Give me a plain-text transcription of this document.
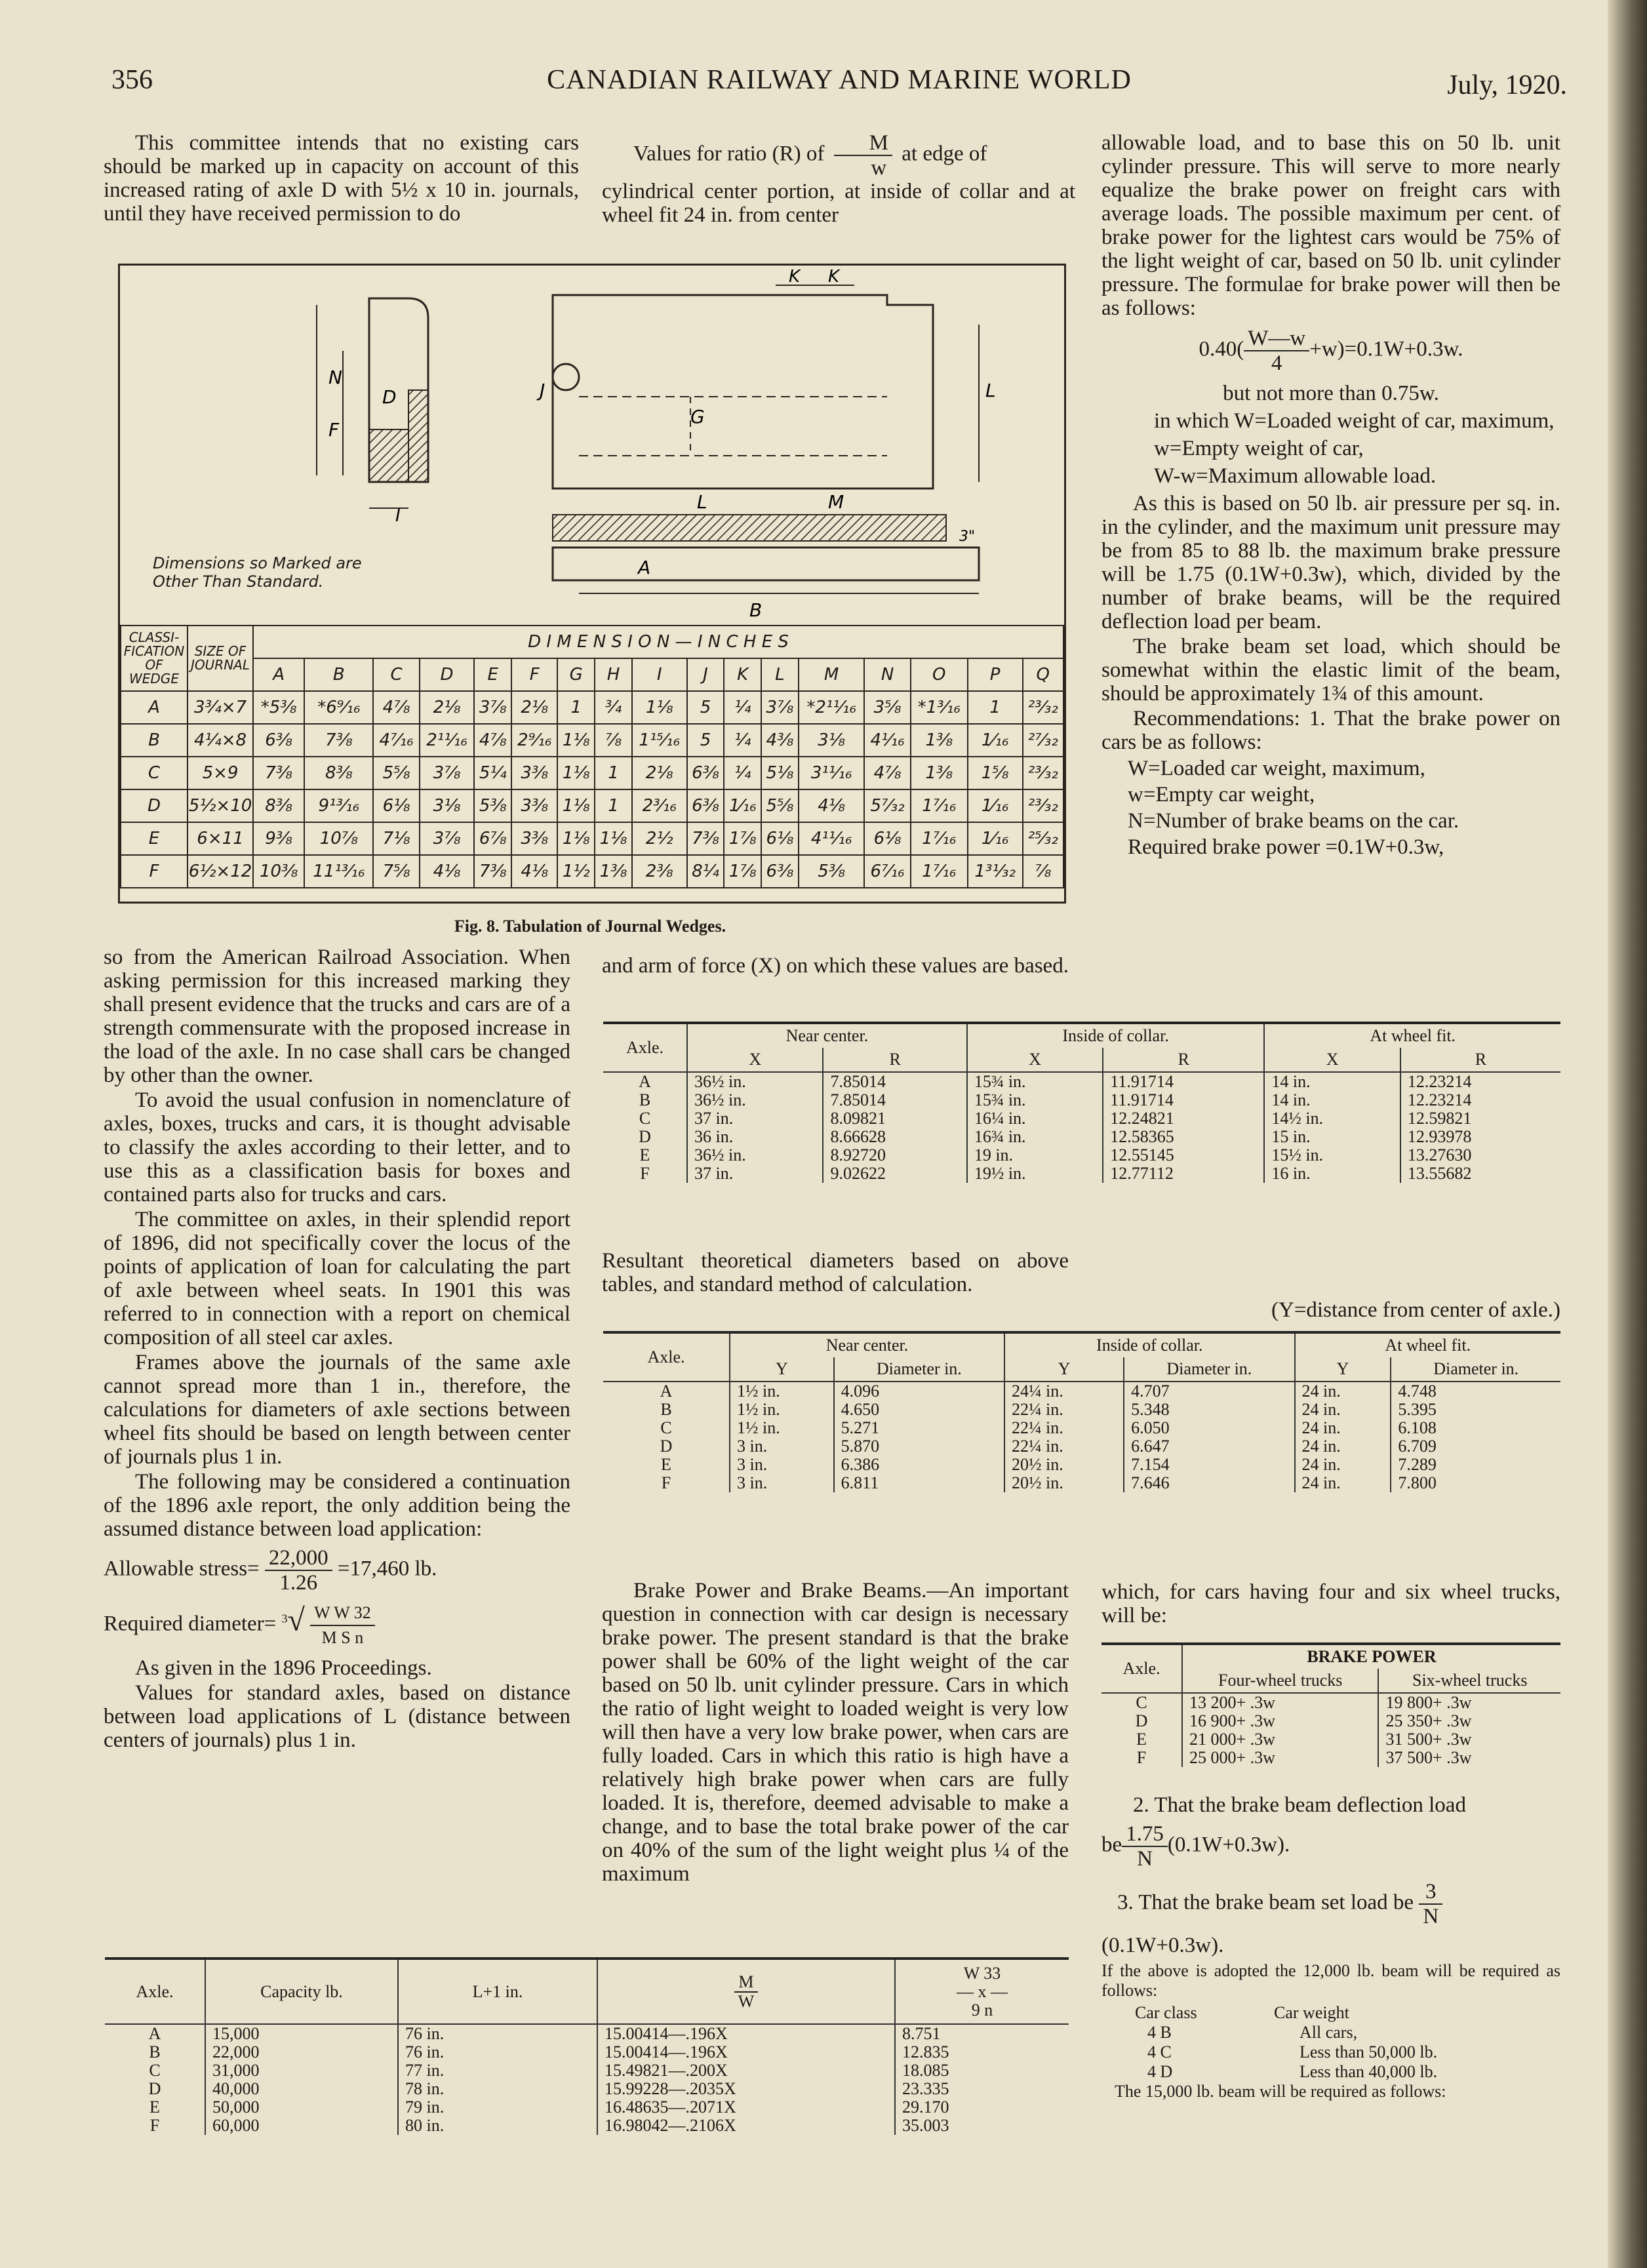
356	CANADIAN RAILWAY AND MARINE WORLD	July, 1920.

This committee intends that no existing cars should be marked up in capacity on account of this increased rating of axle D with 5½ x 10 in. journals, until they have received permission to do

Values for ratio (R) of $\frac{M}{w}$ at edge of

cylindrical center portion, at inside of collar and at wheel fit 24 in. from center

N
F
D
I
K K
L
L	M
A
B
J
G
3"
Dimensions so Marked are Other Than Standard.
CLASSI-FICATION OF WEDGE	SIZE OF JOURNAL	D I M E N S I O N — I N C H E S																
		A	B	C	D	E	F	G	H	I	J	K	L	M	N	O	P	Q
A	3¾×7	*5⅜	*6⁹⁄₁₆	4⅞	2⅛	3⅞	2⅛	1	¾	1⅛	5	¼	3⅞	*2¹¹⁄₁₆	3⅝	*1³⁄₁₆	1	²³⁄₃₂
B	4¼×8	6⅜	7⅜	4⁷⁄₁₆	2¹¹⁄₁₆	4⅞	2⁹⁄₁₆	1⅛	⅞	1¹⁵⁄₁₆	5	¼	4⅜	3⅛	4¹⁄₁₆	1⅜	1⁄₁₆	²⁷⁄₃₂
C	5×9	7⅜	8⅜	5⅝	3⅞	5¼	3⅜	1⅛	1	2⅛	6⅜	¼	5⅛	3¹¹⁄₁₆	4⅞	1⅜	1⅝	²³⁄₃₂
D	5½×10	8⅜	9¹³⁄₁₆	6⅛	3⅛	5⅜	3⅜	1⅛	1	2³⁄₁₆	6⅜	1⁄₁₆	5⅝	4⅛	5⁷⁄₃₂	1⁷⁄₁₆	1⁄₁₆	²³⁄₃₂
E	6×11	9⅜	10⅞	7⅛	3⅞	6⅞	3⅜	1⅛	1⅛	2½	7⅜	1⅞	6⅛	4¹¹⁄₁₆	6⅛	1⁷⁄₁₆	1⁄₁₆	²⁵⁄₃₂
F	6½×12	10⅜	11¹³⁄₁₆	7⅝	4⅛	7⅜	4⅛	1½	1⅜	2⅜	8¼	1⅞	6⅜	5⅜	6⁷⁄₁₆	1⁷⁄₁₆	1³¹⁄₃₂	⅞
Fig. 8. Tabulation of Journal Wedges.

so from the American Railroad Association. When asking permission for this increased marking they shall present evidence that the trucks and cars are of a strength commensurate with the proposed increase in the load of the axle. In no case shall cars be changed by other than the owner.

To avoid the usual confusion in nomenclature of axles, boxes, trucks and cars, it is thought advisable to classify the axles according to their letter, and to use this as a classification basis for boxes and contained parts also for trucks and cars.

The committee on axles, in their splendid report of 1896, did not specifically cover the locus of the points of application of loan for calculating the part of axle between wheel seats. In 1901 this was referred to in connection with a report on chemical composition of all steel car axles.

Frames above the journals of the same axle cannot spread more than 1 in., therefore, the calculations for diameters of axle sections between wheel fits should be based on length between center of journals plus 1 in.

The following may be considered a continuation of the 1896 axle report, the only addition being the assumed distance between load application:

Allowable stress= $\frac{22,000}{1.26} =17,460$ lb.
Required diameter= $^3√ \frac{\text{W W 32}}{\text{M S n}}$

As given in the 1896 Proceedings.

Values for standard axles, based on distance between load applications of L (distance between centers of journals) plus 1 in.

and arm of force (X) on which these values are based.

Axle.	Near center.		Inside of collar.		At wheel fit.	
	X	R	X	R	X	R
A	36½ in.	7.85014	15¾ in.	11.91714	14 in.	12.23214
B	36½ in.	7.85014	15¾ in.	11.91714	14 in.	12.23214
C	37 in.	8.09821	16¼ in.	12.24821	14½ in.	12.59821
D	36 in.	8.66628	16¾ in.	12.58365	15 in.	12.93978
E	36½ in.	8.92720	19 in.	12.55145	15½ in.	13.27630
F	37 in.	9.02622	19½ in.	12.77112	16 in.	13.55682

Resultant theoretical diameters based on above tables, and standard method of calculation.

(Y=distance from center of axle.)
Axle.	Near center.		Inside of collar.		At wheel fit.	
	Y	Diameter in.	Y	Diameter in.	Y	Diameter in.
A	1½ in.	4.096	24¼ in.	4.707	24 in.	4.748
B	1½ in.	4.650	22¼ in.	5.348	24 in.	5.395
C	1½ in.	5.271	22¼ in.	6.050	24 in.	6.108
D	3 in.	5.870	22¼ in.	6.647	24 in.	6.709
E	3 in.	6.386	20½ in.	7.154	24 in.	7.289
F	3 in.	6.811	20½ in.	7.646	24 in.	7.800

Brake Power and Brake Beams.—An important question in connection with car design is necessary brake power. The present standard is that the brake power shall be 60% of the light weight of the car based on 50 lb. unit cylinder pressure. Cars in which the ratio of light weight to loaded weight is very low will then have a very low brake power, when cars are fully loaded. Cars in which this ratio is high have a relatively high brake power when cars are fully loaded. It is, therefore, deemed advisable to make a change, and to base the total brake power of the car on 40% of the sum of the light weight plus ¼ of the maximum

allowable load, and to base this on 50 lb. unit cylinder pressure. This will serve to more nearly equalize the brake power on freight cars with average loads. The possible maximum per cent. of brake power for the lightest cars would be 75% of the light weight of car, based on 50 lb. unit cylinder pressure. The formulae for brake power will then be as follows:

$0.40( \frac{W—w}{4} +w)=0.1W+0.3w$.
but not more than 0.75w.
in which W=Loaded weight of car, maximum,
w=Empty weight of car,
W-w=Maximum allowable load.

As this is based on 50 lb. air pressure per sq. in. in the cylinder, and the maximum unit pressure may be from 85 to 88 lb. the maximum brake pressure will be 1.75 (0.1W+0.3w), which, divided by the number of brake beams, will be the required deflection load per beam.

The brake beam set load, which should be somewhat within the elastic limit of the beam, should be approximately 1¾ of this amount.

Recommendations: 1. That the brake power on cars be as follows:

W=Loaded car weight, maximum,
w=Empty car weight,
N=Number of brake beams on the car.
Required brake power =0.1W+0.3w,

which, for cars having four and six wheel trucks, will be:

Axle.	BRAKE POWER	
	Four-wheel trucks	Six-wheel trucks
C	13 200+ .3w	19 800+ .3w
D	16 900+ .3w	25 350+ .3w
E	21 000+ .3w	31 500+ .3w
F	25 000+ .3w	37 500+ .3w

2. That the brake beam deflection load

be $\frac{1.75}{N} (0.1W+0.3w)$.
3. That the brake beam set load be $\frac{3}{N}$
(0.1W+0.3w).
If the above is adopted the 12,000 lb. beam will be required as follows:
Car class	Car weight
4 B	All cars,
4 C	Less than 50,000 lb.
4 D	Less than 40,000 lb.
The 15,000 lb. beam will be required as follows:
Axle.	Capacity lb.	L+1 in.	$\frac{M}{W}$	W 33
— x —
9 n

A	15,000	76 in.	15.00414—.196X	8.751
B	22,000	76 in.	15.00414—.196X	12.835
C	31,000	77 in.	15.49821—.200X	18.085
D	40,000	78 in.	15.99228—.2035X	23.335
E	50,000	79 in.	16.48635—.2071X	29.170
F	60,000	80 in.	16.98042—.2106X	35.003
